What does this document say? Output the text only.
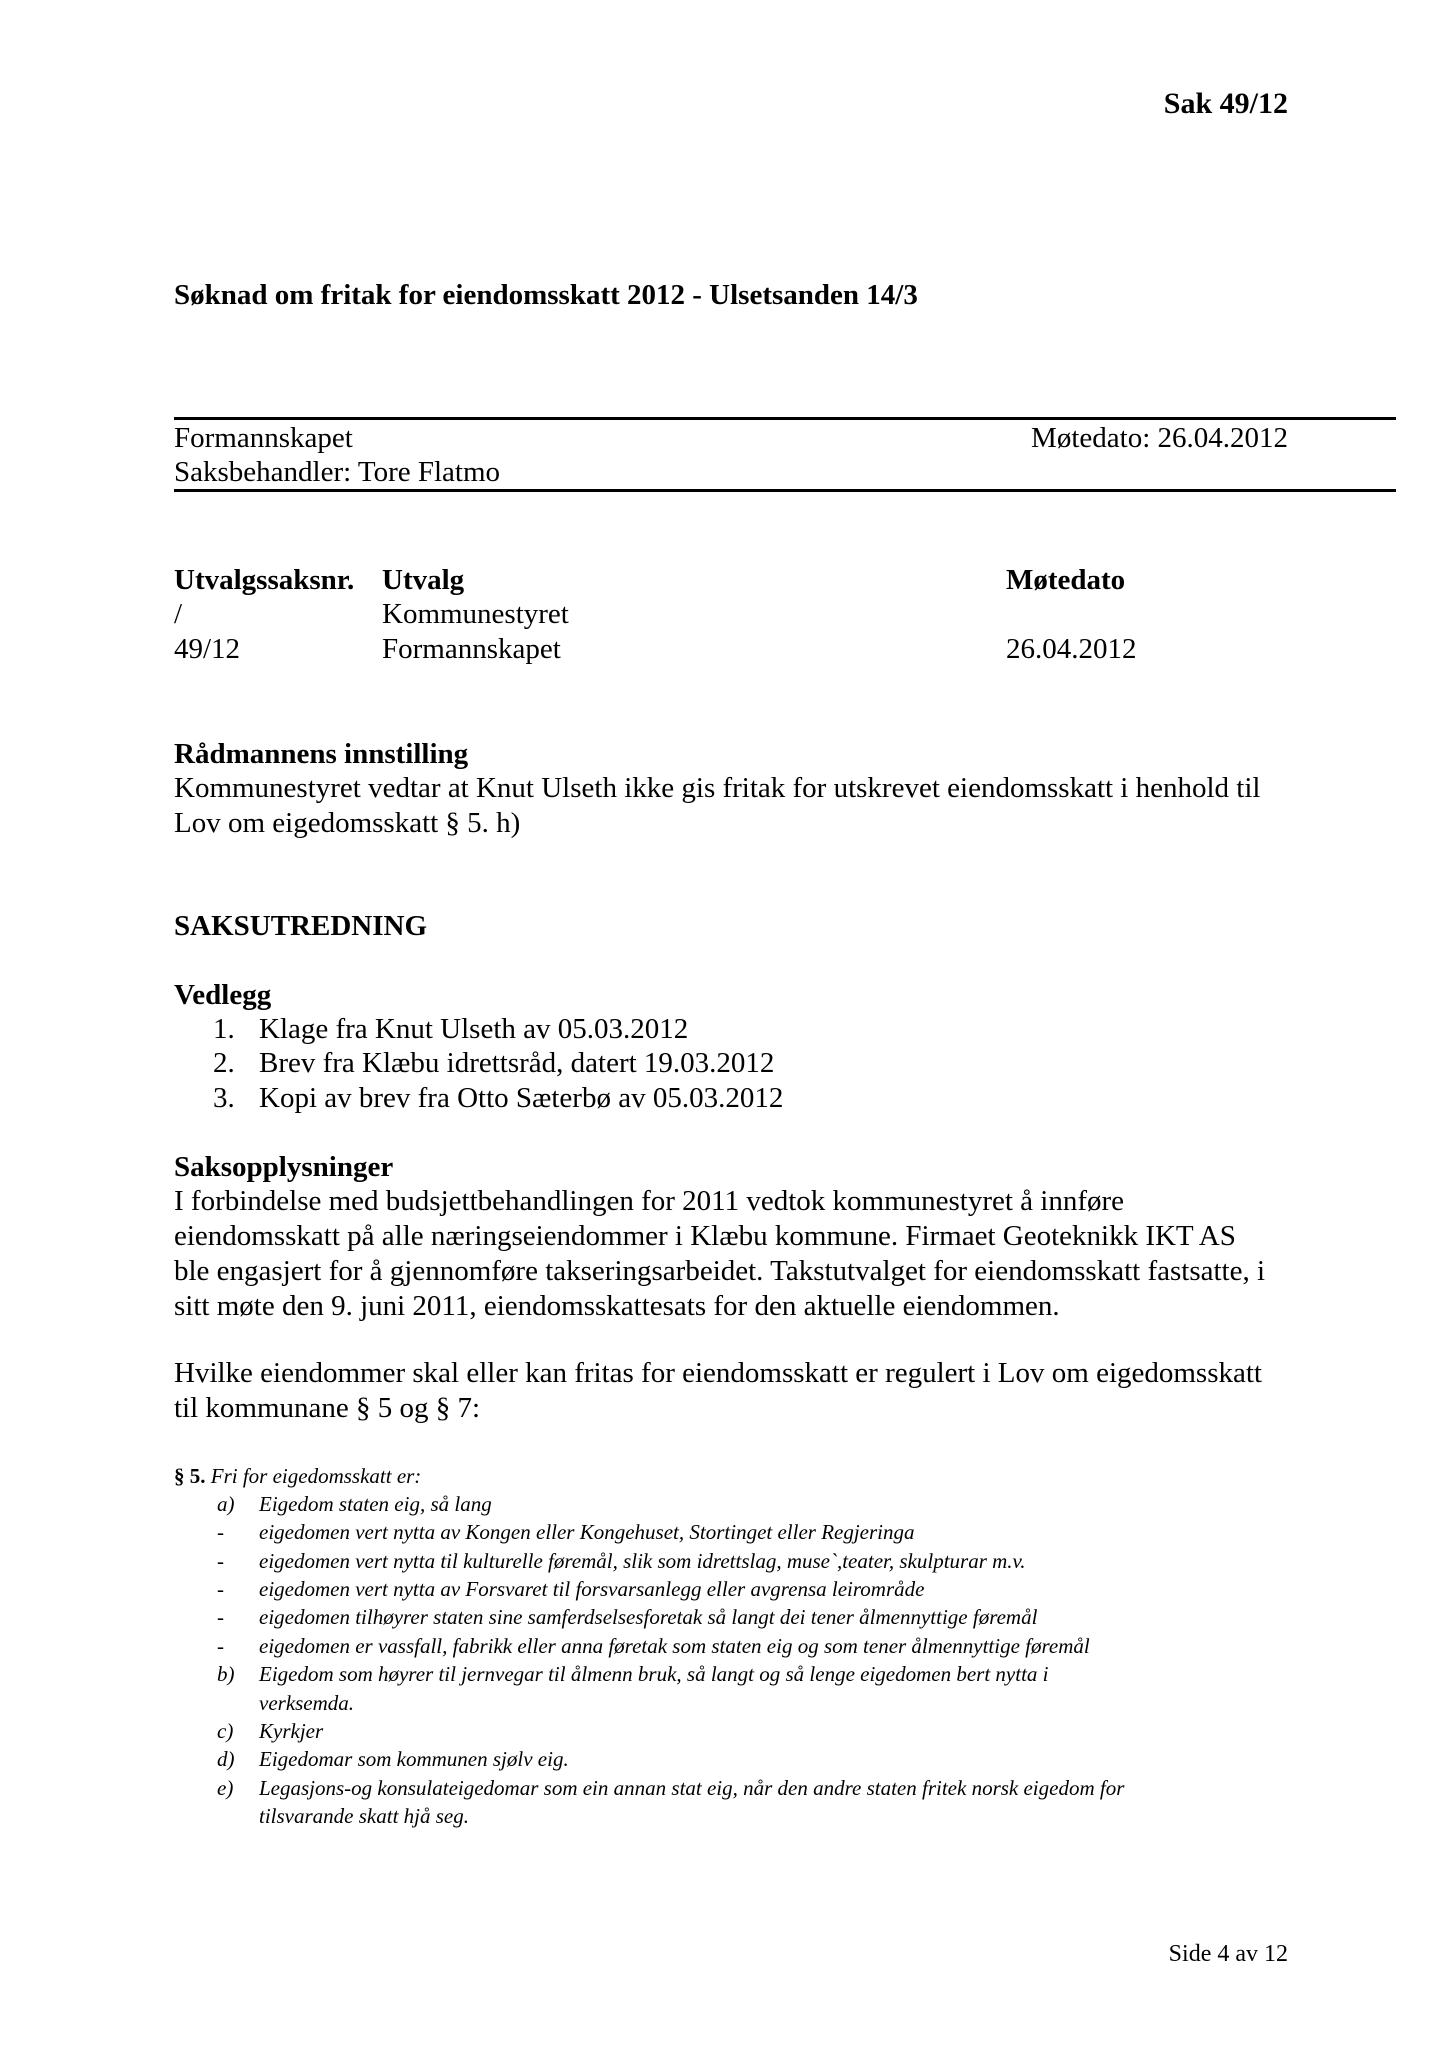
Sak 49/12
Søknad om fritak for eiendomsskatt 2012 - Ulsetsanden 14/3
Formannskapet	Møtedato: 26.04.2012
Saksbehandler: Tore Flatmo
Utvalgssaksnr. Utvalg	Møtedato
/	Kommunestyret
49/12	Formannskapet	26.04.2012
Rådmannens innstilling
Kommunestyret vedtar at Knut Ulseth ikke gis fritak for utskrevet eiendomsskatt i henhold til
Lov om eigedomsskatt § 5. h)
SAKSUTREDNING
Vedlegg
1. Klage fra Knut Ulseth av 05.03.2012
2. Brev fra Klæbu idrettsråd, datert 19.03.2012
3. Kopi av brev fra Otto Sæterbø av 05.03.2012
Saksopplysninger
I forbindelse med budsjettbehandlingen for 2011 vedtok kommunestyret å innføre
eiendomsskatt på alle næringseiendommer i Klæbu kommune. Firmaet Geoteknikk IKT AS
ble engasjert for å gjennomføre takseringsarbeidet. Takstutvalget for eiendomsskatt fastsatte, i
sitt møte den 9. juni 2011, eiendomsskattesats for den aktuelle eiendommen.
Hvilke eiendommer skal eller kan fritas for eiendomsskatt er regulert i Lov om eigedomsskatt
til kommunane § 5 og § 7:
§ 5. Fri for eigedomsskatt er:
a) Eigedom staten eig, så lang
- eigedomen vert nytta av Kongen eller Kongehuset, Stortinget eller Regjeringa
- eigedomen vert nytta til kulturelle føremål, slik som idrettslag, muse`,teater, skulpturar m.v.
- eigedomen vert nytta av Forsvaret til forsvarsanlegg eller avgrensa leirområde
- eigedomen tilhøyrer staten sine samferdselsesforetak så langt dei tener ålmennyttige føremål
- eigedomen er vassfall, fabrikk eller anna føretak som staten eig og som tener ålmennyttige føremål
b) Eigedom som høyrer til jernvegar til ålmenn bruk, så langt og så lenge eigedomen bert nytta i
verksemda.
c) Kyrkjer
d) Eigedomar som kommunen sjølv eig.
e) Legasjons-og konsulateigedomar som ein annan stat eig, når den andre staten fritek norsk eigedom for
tilsvarande skatt hjå seg.
Side 4 av 12
